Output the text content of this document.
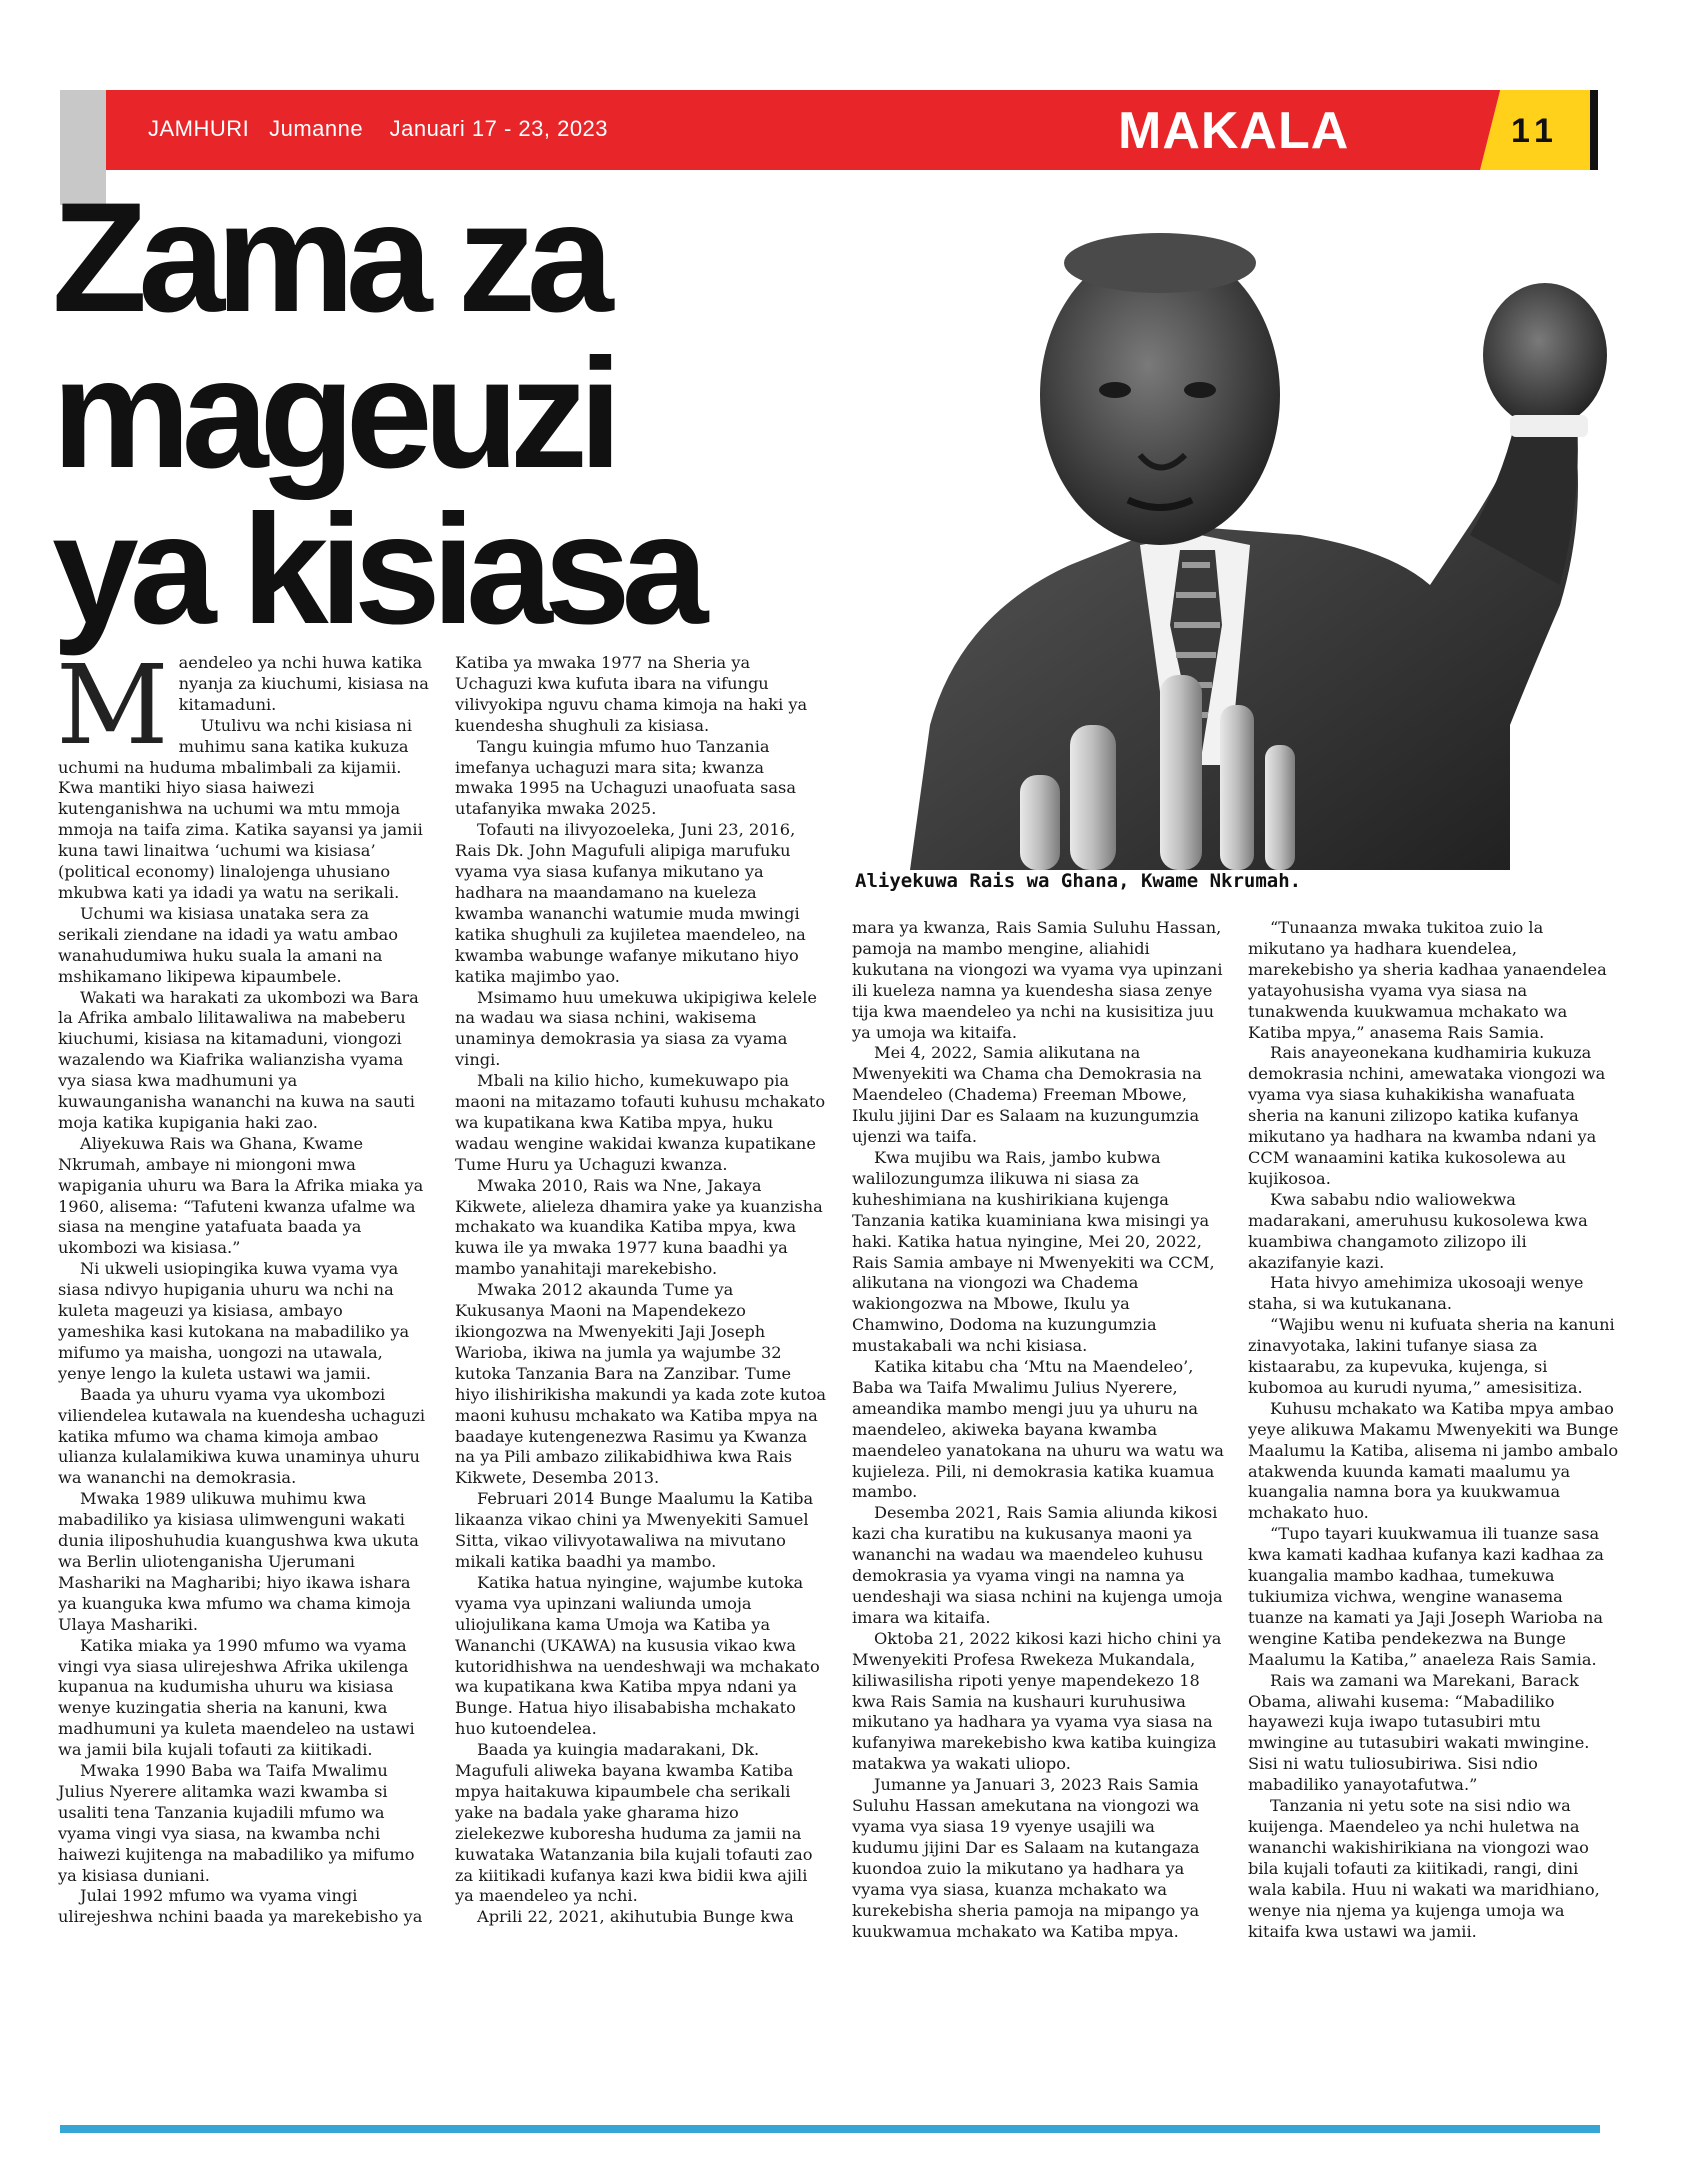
JAMHURI Jumanne Januari 17 - 23, 2023	MAKALA	11
Zama za
mageuzi
ya kisiasa

Aliyekuwa Rais wa Ghana, Kwame Nkrumah.

Maendeleo ya nchi huwa katika nyanja za kiuchumi, kisiasa na kitamaduni.

Utulivu wa nchi kisiasa ni muhimu sana katika kukuza uchumi na huduma mbalimbali za kijamii. Kwa mantiki hiyo siasa haiwezi kutenganishwa na uchumi wa mtu mmoja mmoja na taifa zima. Katika sayansi ya jamii kuna tawi linaitwa ‘uchumi wa kisiasa’ (political economy) linalojenga uhusiano mkubwa kati ya idadi ya watu na serikali.

Uchumi wa kisiasa unataka sera za serikali ziendane na idadi ya watu ambao wanahudumiwa huku suala la amani na mshikamano likipewa kipaumbele.

Wakati wa harakati za ukombozi wa Bara la Afrika ambalo lilitawaliwa na mabeberu kiuchumi, kisiasa na kitamaduni, viongozi wazalendo wa Kiafrika walianzisha vyama vya siasa kwa madhumuni ya kuwaunganisha wananchi na kuwa na sauti moja katika kupigania haki zao.

Aliyekuwa Rais wa Ghana, Kwame Nkrumah, ambaye ni miongoni mwa wapigania uhuru wa Bara la Afrika miaka ya 1960, alisema: “Tafuteni kwanza ufalme wa siasa na mengine yatafuata baada ya ukombozi wa kisiasa.”

Ni ukweli usiopingika kuwa vyama vya siasa ndivyo hupigania uhuru wa nchi na kuleta mageuzi ya kisiasa, ambayo yameshika kasi kutokana na mabadiliko ya mifumo ya maisha, uongozi na utawala, yenye lengo la kuleta ustawi wa jamii.

Baada ya uhuru vyama vya ukombozi viliendelea kutawala na kuendesha uchaguzi katika mfumo wa chama kimoja ambao ulianza kulalamikiwa kuwa unaminya uhuru wa wananchi na demokrasia.

Mwaka 1989 ulikuwa muhimu kwa mabadiliko ya kisiasa ulimwenguni wakati dunia iliposhuhudia kuangushwa kwa ukuta wa Berlin uliotenganisha Ujerumani Mashariki na Magharibi; hiyo ikawa ishara ya kuanguka kwa mfumo wa chama kimoja Ulaya Mashariki.

Katika miaka ya 1990 mfumo wa vyama vingi vya siasa ulirejeshwa Afrika ukilenga kupanua na kudumisha uhuru wa kisiasa wenye kuzingatia sheria na kanuni, kwa madhumuni ya kuleta maendeleo na ustawi wa jamii bila kujali tofauti za kiitikadi.

Mwaka 1990 Baba wa Taifa Mwalimu Julius Nyerere alitamka wazi kwamba si usaliti tena Tanzania kujadili mfumo wa vyama vingi vya siasa, na kwamba nchi haiwezi kujitenga na mabadiliko ya mifumo ya kisiasa duniani.

Julai 1992 mfumo wa vyama vingi ulirejeshwa nchini baada ya marekebisho ya

Katiba ya mwaka 1977 na Sheria ya Uchaguzi kwa kufuta ibara na vifungu vilivyokipa nguvu chama kimoja na haki ya kuendesha shughuli za kisiasa.

Tangu kuingia mfumo huo Tanzania imefanya uchaguzi mara sita; kwanza mwaka 1995 na Uchaguzi unaofuata sasa utafanyika mwaka 2025.

Tofauti na ilivyozoeleka, Juni 23, 2016, Rais Dk. John Magufuli alipiga marufuku vyama vya siasa kufanya mikutano ya hadhara na maandamano na kueleza kwamba wananchi watumie muda mwingi katika shughuli za kujiletea maendeleo, na kwamba wabunge wafanye mikutano hiyo katika majimbo yao.

Msimamo huu umekuwa ukipigiwa kelele na wadau wa siasa nchini, wakisema unaminya demokrasia ya siasa za vyama vingi.

Mbali na kilio hicho, kumekuwapo pia maoni na mitazamo tofauti kuhusu mchakato wa kupatikana kwa Katiba mpya, huku wadau wengine wakidai kwanza kupatikane Tume Huru ya Uchaguzi kwanza.

Mwaka 2010, Rais wa Nne, Jakaya Kikwete, alieleza dhamira yake ya kuanzisha mchakato wa kuandika Katiba mpya, kwa kuwa ile ya mwaka 1977 kuna baadhi ya mambo yanahitaji marekebisho.

Mwaka 2012 akaunda Tume ya Kukusanya Maoni na Mapendekezo ikiongozwa na Mwenyekiti Jaji Joseph Warioba, ikiwa na jumla ya wajumbe 32 kutoka Tanzania Bara na Zanzibar. Tume hiyo ilishirikisha makundi ya kada zote kutoa maoni kuhusu mchakato wa Katiba mpya na baadaye kutengenezwa Rasimu ya Kwanza na ya Pili ambazo zilikabidhiwa kwa Rais Kikwete, Desemba 2013.

Februari 2014 Bunge Maalumu la Katiba likaanza vikao chini ya Mwenyekiti Samuel Sitta, vikao vilivyotawaliwa na mivutano mikali katika baadhi ya mambo.

Katika hatua nyingine, wajumbe kutoka vyama vya upinzani waliunda umoja uliojulikana kama Umoja wa Katiba ya Wananchi (UKAWA) na kususia vikao kwa kutoridhishwa na uendeshwaji wa mchakato wa kupatikana kwa Katiba mpya ndani ya Bunge. Hatua hiyo ilisababisha mchakato huo kutoendelea.

Baada ya kuingia madarakani, Dk. Magufuli aliweka bayana kwamba Katiba mpya haitakuwa kipaumbele cha serikali yake na badala yake gharama hizo zielekezwe kuboresha huduma za jamii na kuwataka Watanzania bila kujali tofauti zao za kiitikadi kufanya kazi kwa bidii kwa ajili ya maendeleo ya nchi.

Aprili 22, 2021, akihutubia Bunge kwa

mara ya kwanza, Rais Samia Suluhu Hassan, pamoja na mambo mengine, aliahidi kukutana na viongozi wa vyama vya upinzani ili kueleza namna ya kuendesha siasa zenye tija kwa maendeleo ya nchi na kusisitiza juu ya umoja wa kitaifa.

Mei 4, 2022, Samia alikutana na Mwenyekiti wa Chama cha Demokrasia na Maendeleo (Chadema) Freeman Mbowe, Ikulu jijini Dar es Salaam na kuzungumzia ujenzi wa taifa.

Kwa mujibu wa Rais, jambo kubwa walilozungumza ilikuwa ni siasa za kuheshimiana na kushirikiana kujenga Tanzania katika kuaminiana kwa misingi ya haki. Katika hatua nyingine, Mei 20, 2022, Rais Samia ambaye ni Mwenyekiti wa CCM, alikutana na viongozi wa Chadema wakiongozwa na Mbowe, Ikulu ya Chamwino, Dodoma na kuzungumzia mustakabali wa nchi kisiasa.

Katika kitabu cha ‘Mtu na Maendeleo’, Baba wa Taifa Mwalimu Julius Nyerere, ameandika mambo mengi juu ya uhuru na maendeleo, akiweka bayana kwamba maendeleo yanatokana na uhuru wa watu wa kujieleza. Pili, ni demokrasia katika kuamua mambo.

Desemba 2021, Rais Samia aliunda kikosi kazi cha kuratibu na kukusanya maoni ya wananchi na wadau wa maendeleo kuhusu demokrasia ya vyama vingi na namna ya uendeshaji wa siasa nchini na kujenga umoja imara wa kitaifa.

Oktoba 21, 2022 kikosi kazi hicho chini ya Mwenyekiti Profesa Rwekeza Mukandala, kiliwasilisha ripoti yenye mapendekezo 18 kwa Rais Samia na kushauri kuruhusiwa mikutano ya hadhara ya vyama vya siasa na kufanyiwa marekebisho kwa katiba kuingiza matakwa ya wakati uliopo.

Jumanne ya Januari 3, 2023 Rais Samia Suluhu Hassan amekutana na viongozi wa vyama vya siasa 19 vyenye usajili wa kudumu jijini Dar es Salaam na kutangaza kuondoa zuio la mikutano ya hadhara ya vyama vya siasa, kuanza mchakato wa kurekebisha sheria pamoja na mipango ya kuukwamua mchakato wa Katiba mpya.

“Tunaanza mwaka tukitoa zuio la mikutano ya hadhara kuendelea, marekebisho ya sheria kadhaa yanaendelea yatayohusisha vyama vya siasa na tunakwenda kuukwamua mchakato wa Katiba mpya,” anasema Rais Samia.

Rais anayeonekana kudhamiria kukuza demokrasia nchini, amewataka viongozi wa vyama vya siasa kuhakikisha wanafuata sheria na kanuni zilizopo katika kufanya mikutano ya hadhara na kwamba ndani ya CCM wanaamini katika kukosolewa au kujikosoa.

Kwa sababu ndio waliowekwa madarakani, ameruhusu kukosolewa kwa kuambiwa changamoto zilizopo ili akazifanyie kazi.

Hata hivyo amehimiza ukosoaji wenye staha, si wa kutukanana.

“Wajibu wenu ni kufuata sheria na kanuni zinavyotaka, lakini tufanye siasa za kistaarabu, za kupevuka, kujenga, si kubomoa au kurudi nyuma,” amesisitiza.

Kuhusu mchakato wa Katiba mpya ambao yeye alikuwa Makamu Mwenyekiti wa Bunge Maalumu la Katiba, alisema ni jambo ambalo atakwenda kuunda kamati maalumu ya kuangalia namna bora ya kuukwamua mchakato huo.

“Tupo tayari kuukwamua ili tuanze sasa kwa kamati kadhaa kufanya kazi kadhaa za kuangalia mambo kadhaa, tumekuwa tukiumiza vichwa, wengine wanasema tuanze na kamati ya Jaji Joseph Warioba na wengine Katiba pendekezwa na Bunge Maalumu la Katiba,” anaeleza Rais Samia.

Rais wa zamani wa Marekani, Barack Obama, aliwahi kusema: “Mabadiliko hayawezi kuja iwapo tutasubiri mtu mwingine au tutasubiri wakati mwingine. Sisi ni watu tuliosubiriwa. Sisi ndio mabadiliko yanayotafutwa.”

Tanzania ni yetu sote na sisi ndio wa kuijenga. Maendeleo ya nchi huletwa na wananchi wakishirikiana na viongozi wao bila kujali tofauti za kiitikadi, rangi, dini wala kabila. Huu ni wakati wa maridhiano, wenye nia njema ya kujenga umoja wa kitaifa kwa ustawi wa jamii.
